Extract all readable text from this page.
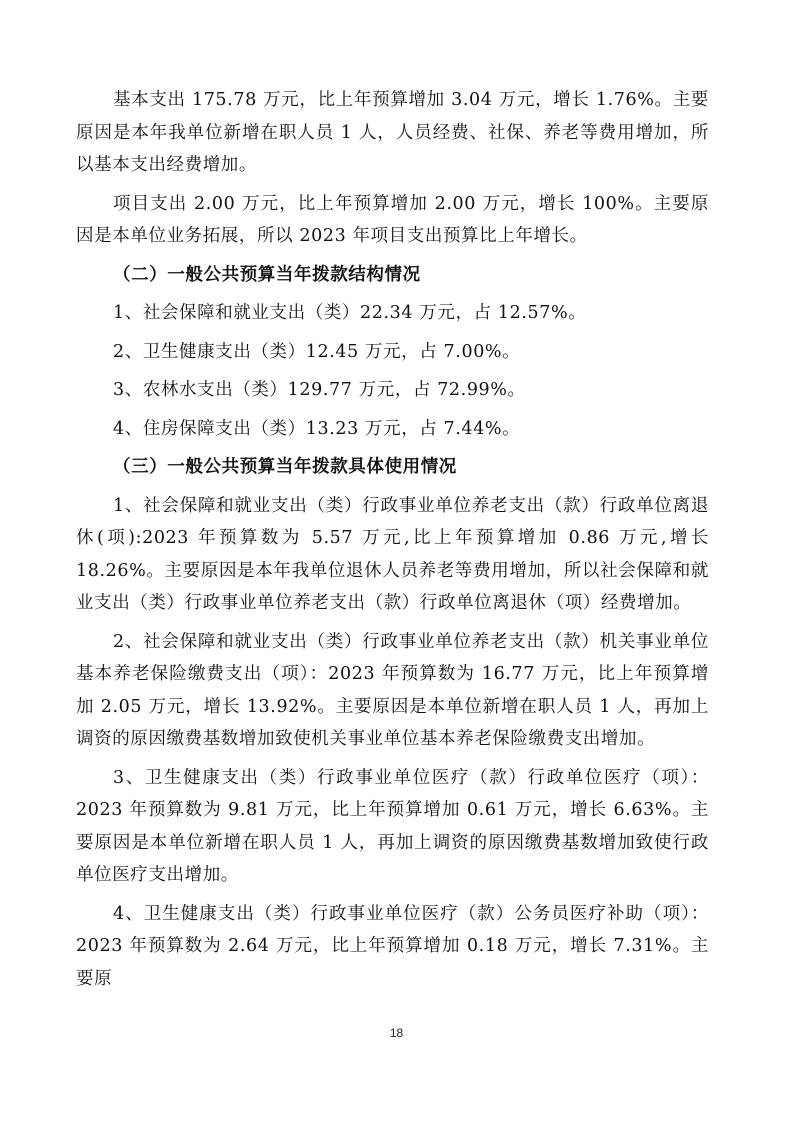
基本支出 175.78 万元，比上年预算增加 3.04 万元，增长 1.76%。主要原因是本年我单位新增在职人员 1 人，人员经费、社保、养老等费用增加，所以基本支出经费增加。

项目支出 2.00 万元，比上年预算增加 2.00 万元，增长 100%。主要原因是本单位业务拓展，所以 2023 年项目支出预算比上年增长。

（二）一般公共预算当年拨款结构情况

1、社会保障和就业支出（类）22.34 万元，占 12.57%。

2、卫生健康支出（类）12.45 万元，占 7.00%。

3、农林水支出（类）129.77 万元，占 72.99%。

4、住房保障支出（类）13.23 万元，占 7.44%。

（三）一般公共预算当年拨款具体使用情况

1、社会保障和就业支出（类）行政事业单位养老支出（款）行政单位离退休(项):2023 年预算数为 5.57 万元,比上年预算增加 0.86 万元,增长 18.26%。主要原因是本年我单位退休人员养老等费用增加，所以社会保障和就业支出（类）行政事业单位养老支出（款）行政单位离退休（项）经费增加。

2、社会保障和就业支出（类）行政事业单位养老支出（款）机关事业单位基本养老保险缴费支出（项）：2023 年预算数为 16.77 万元，比上年预算增加 2.05 万元，增长 13.92%。主要原因是本单位新增在职人员 1 人，再加上调资的原因缴费基数增加致使机关事业单位基本养老保险缴费支出增加。

3、卫生健康支出（类）行政事业单位医疗（款）行政单位医疗（项）：2023 年预算数为 9.81 万元，比上年预算增加 0.61 万元，增长 6.63%。主要原因是本单位新增在职人员 1 人，再加上调资的原因缴费基数增加致使行政单位医疗支出增加。

4、卫生健康支出（类）行政事业单位医疗（款）公务员医疗补助（项）：2023 年预算数为 2.64 万元，比上年预算增加 0.18 万元，增长 7.31%。主要原

18
